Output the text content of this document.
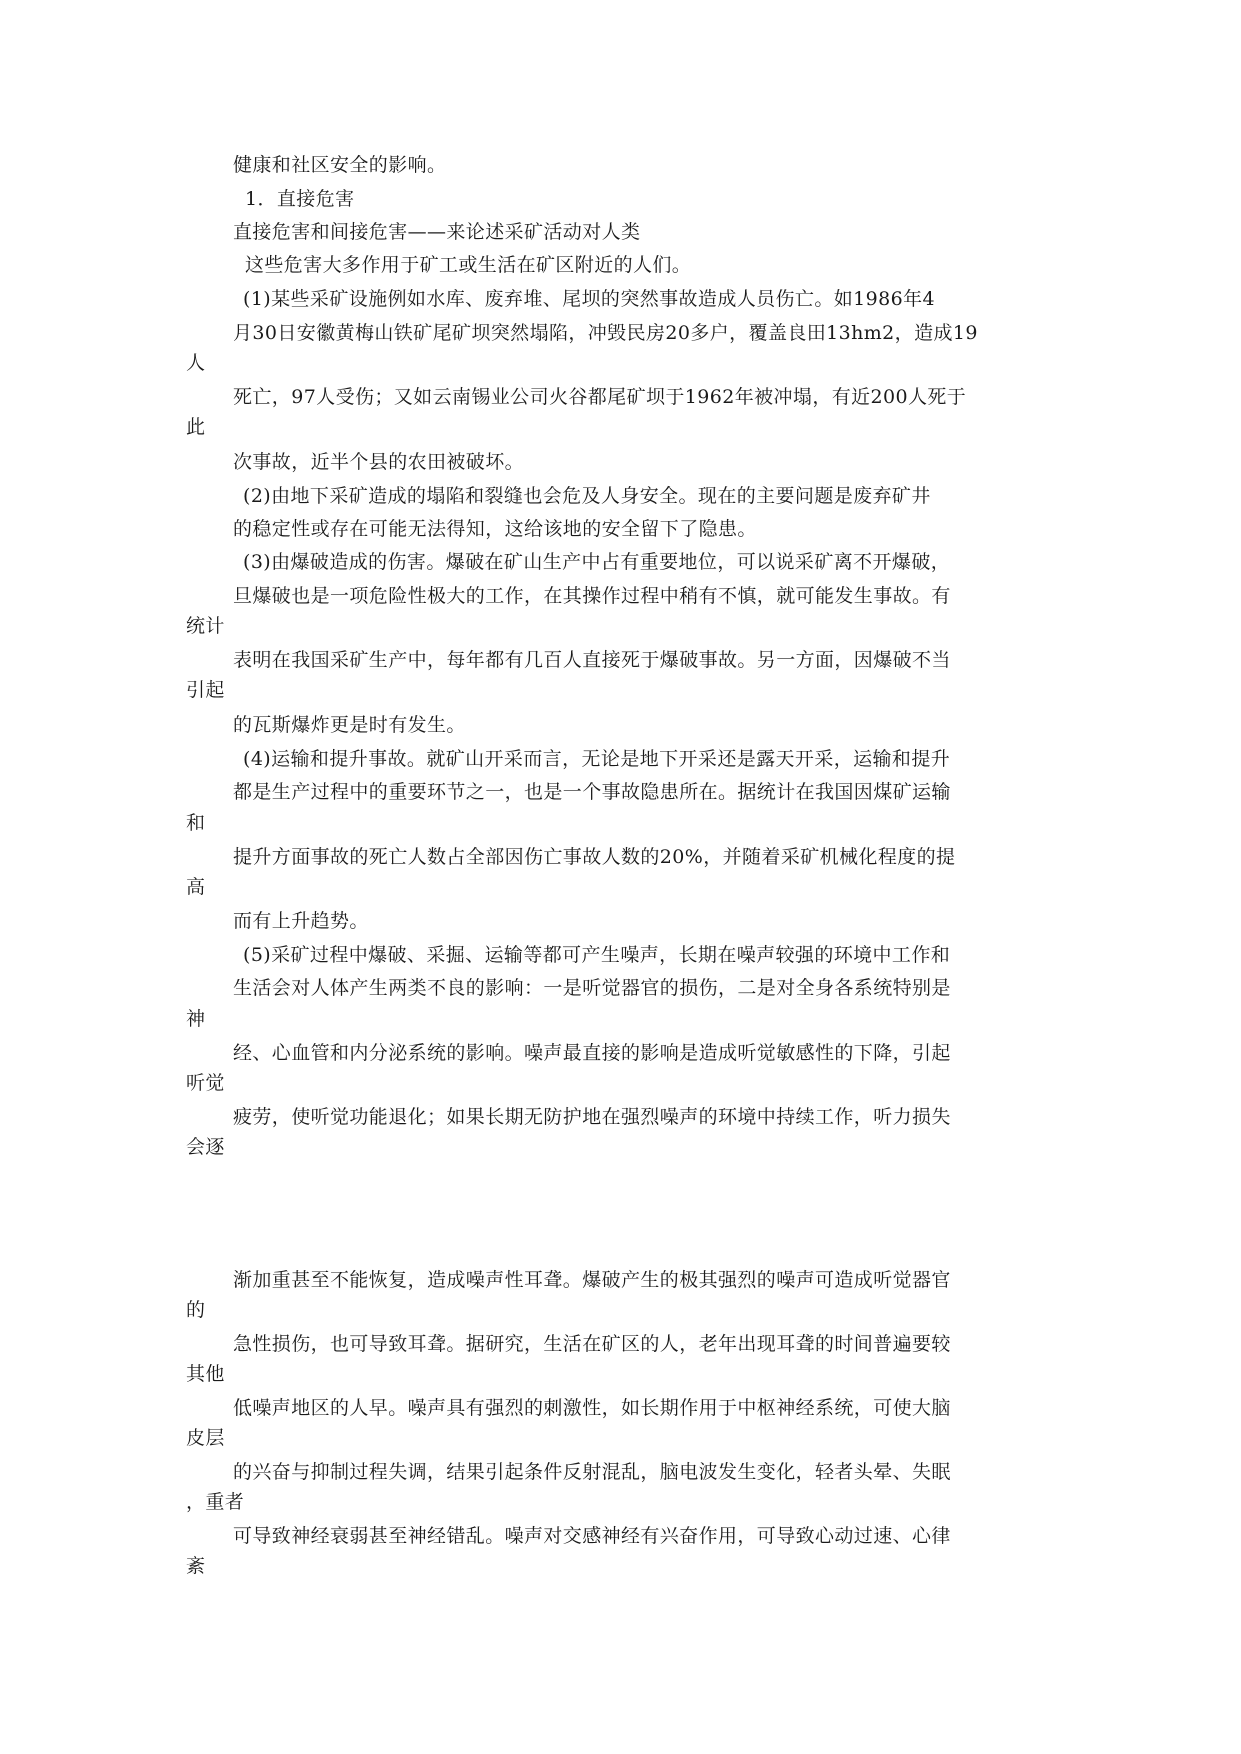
健康和社区安全的影响。
1．直接危害
直接危害和间接危害——来论述采矿活动对人类
这些危害大多作用于矿工或生活在矿区附近的人们。
(1)某些采矿设施例如水库、废弃堆、尾坝的突然事故造成人员伤亡。如1986年4
月30日安徽黄梅山铁矿尾矿坝突然塌陷，冲毁民房20多户，覆盖良田13hm2，造成19
人
死亡，97人受伤；又如云南锡业公司火谷都尾矿坝于1962年被冲塌，有近200人死于
此
次事故，近半个县的农田被破坏。
(2)由地下采矿造成的塌陷和裂缝也会危及人身安全。现在的主要问题是废弃矿井
的稳定性或存在可能无法得知，这给该地的安全留下了隐患。
(3)由爆破造成的伤害。爆破在矿山生产中占有重要地位，可以说采矿离不开爆破，
旦爆破也是一项危险性极大的工作，在其操作过程中稍有不慎，就可能发生事故。有
统计
表明在我国采矿生产中，每年都有几百人直接死于爆破事故。另一方面，因爆破不当
引起
的瓦斯爆炸更是时有发生。
(4)运输和提升事故。就矿山开采而言，无论是地下开采还是露天开采，运输和提升
都是生产过程中的重要环节之一，也是一个事故隐患所在。据统计在我国因煤矿运输
和
提升方面事故的死亡人数占全部因伤亡事故人数的20%，并随着采矿机械化程度的提
高
而有上升趋势。
(5)采矿过程中爆破、采掘、运输等都可产生噪声，长期在噪声较强的环境中工作和
生活会对人体产生两类不良的影响：一是听觉器官的损伤，二是对全身各系统特别是
神
经、心血管和内分泌系统的影响。噪声最直接的影响是造成听觉敏感性的下降，引起
听觉
疲劳，使听觉功能退化；如果长期无防护地在强烈噪声的环境中持续工作，听力损失
会逐
渐加重甚至不能恢复，造成噪声性耳聋。爆破产生的极其强烈的噪声可造成听觉器官
的
急性损伤，也可导致耳聋。据研究，生活在矿区的人，老年出现耳聋的时间普遍要较
其他
低噪声地区的人早。噪声具有强烈的刺激性，如长期作用于中枢神经系统，可使大脑
皮层
的兴奋与抑制过程失调，结果引起条件反射混乱，脑电波发生变化，轻者头晕、失眠
，重者
可导致神经衰弱甚至神经错乱。噪声对交感神经有兴奋作用，可导致心动过速、心律
紊
